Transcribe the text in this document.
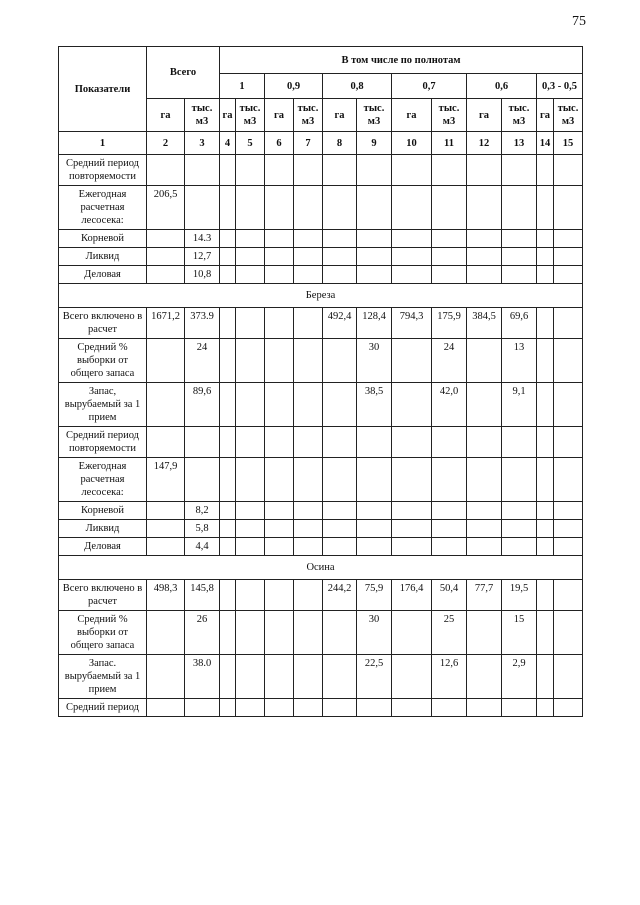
75
Показатели	Всего		В том числе по полнотам											
			1		0,9		0,8		0,7		0,6		0,3 - 0,5	
	га	тыс. м3	га	тыс. м3	га	тыс. м3	га	тыс. м3	га	тыс. м3	га	тыс. м3	га	тыс. м3
1	2	3	4	5	6	7	8	9	10	11	12	13	14	15
Средний период повторяемости														
Ежегодная расчетная лесосека:	206,5													
Корневой		14.3												
Ликвид		12,7												
Деловая		10,8												
Береза														
Всего включено в расчет	1671,2	373.9					492,4	128,4	794,3	175,9	384,5	69,6		
Средний % выборки от общего запаса		24						30		24		13		
Запас, вырубаемый за 1 прием		89,6						38,5		42,0		9,1		
Средний период повторяемости														
Ежегодная расчетная лесосека:	147,9													
Корневой		8,2												
Ликвид		5,8												
Деловая		4,4												
Осина														
Всего включено в расчет	498,3	145,8					244,2	75,9	176,4	50,4	77,7	19,5		
Средний % выборки от общего запаса		26						30		25		15		
Запас. вырубаемый за 1 прием		38.0						22,5		12,6		2,9		
Средний период														
